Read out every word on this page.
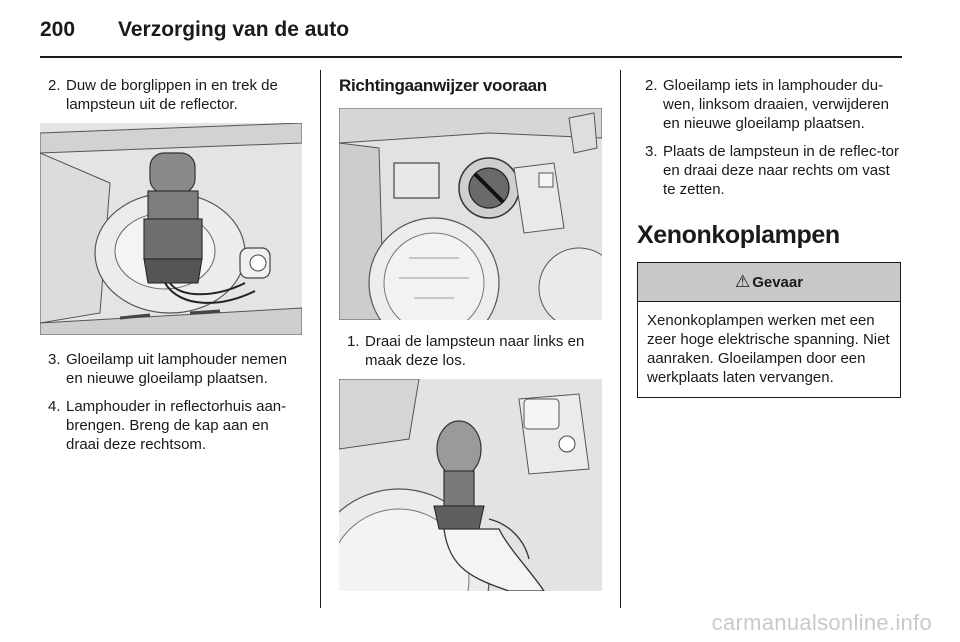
200 Verzorging van de auto
2. Duw de borglippen in en trek de lampsteun uit de reflector.
3. Gloeilamp uit lamphouder nemen en nieuwe gloeilamp plaatsen.
4. Lamphouder in reflectorhuis aan-brengen. Breng de kap aan en draai deze rechtsom.
Richtingaanwijzer vooraan
1. Draai de lampsteun naar links en maak deze los.
2. Gloeilamp iets in lamphouder du-wen, linksom draaien, verwijderen en nieuwe gloeilamp plaatsen.
3. Plaats de lampsteun in de reflec-tor en draai deze naar rechts om vast te zetten.
Xenonkoplampen
⚠ Gevaar
Xenonkoplampen werken met een zeer hoge elektrische spanning. Niet aanraken. Gloeilampen door een werkplaats laten vervangen.
carmanualsonline.info
